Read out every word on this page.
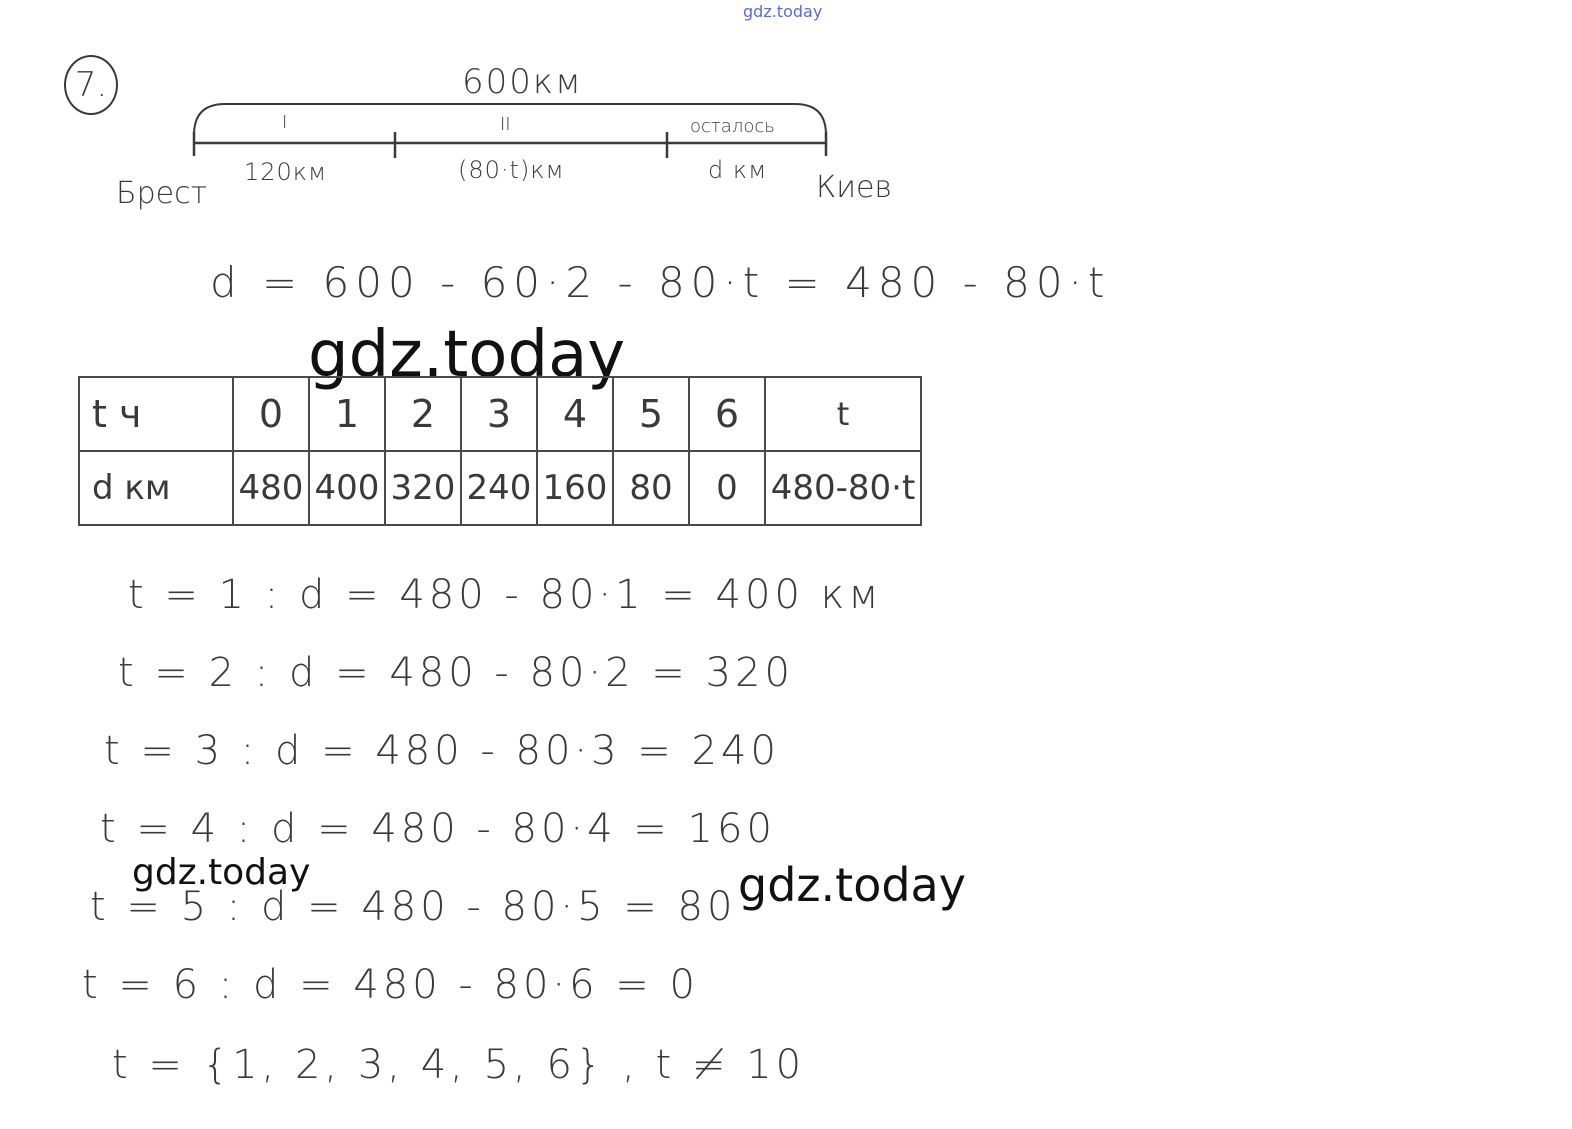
gdz.today
7.	600км
I	II	осталось
120км	(80·t)км	d км
Брест	Киев
d = 600 - 60·2 - 80·t = 480 - 80·t
gdz.today
t ч	0	1	2	3	4	5	6	t
d км	480	400	320	240	160	80	0	480-80·t
t = 1 : d = 480 - 80·1 = 400 км
t = 2 : d = 480 - 80·2 = 320
t = 3 : d = 480 - 80·3 = 240
t = 4 : d = 480 - 80·4 = 160
t = 5 : d = 480 - 80·5 = 80
t = 6 : d = 480 - 80·6 = 0
t = {1, 2, 3, 4, 5, 6} , t ≠ 10
gdz.today	gdz.today
